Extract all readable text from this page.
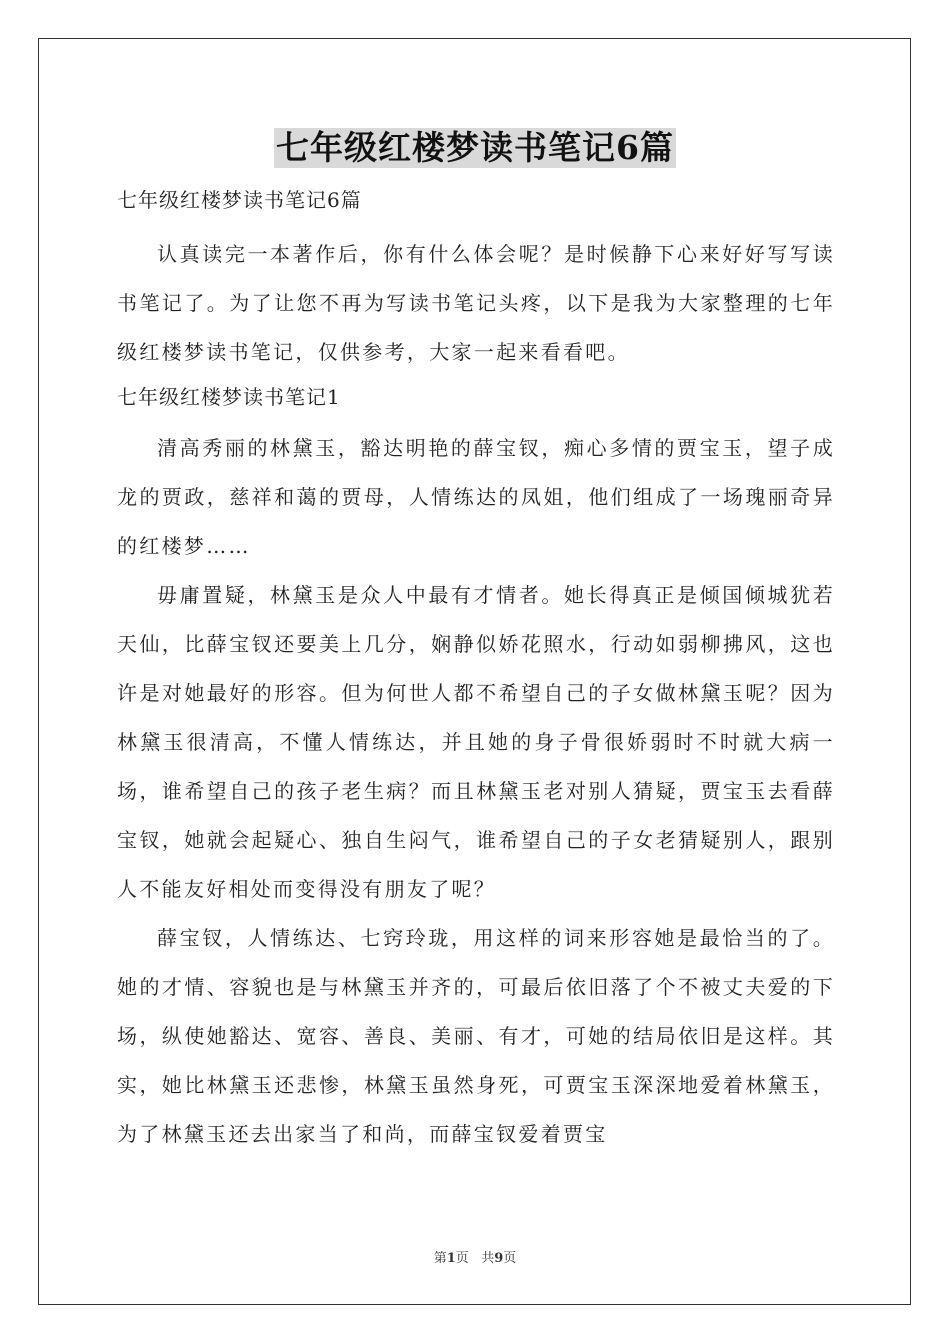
七年级红楼梦读书笔记6篇

七年级红楼梦读书笔记6篇

认真读完一本著作后，你有什么体会呢？是时候静下心来好好写写读书笔记了。为了让您不再为写读书笔记头疼，以下是我为大家整理的七年级红楼梦读书笔记，仅供参考，大家一起来看看吧。

七年级红楼梦读书笔记1

清高秀丽的林黛玉，豁达明艳的薛宝钗，痴心多情的贾宝玉，望子成龙的贾政，慈祥和蔼的贾母，人情练达的凤姐，他们组成了一场瑰丽奇异的红楼梦……

毋庸置疑，林黛玉是众人中最有才情者。她长得真正是倾国倾城犹若天仙，比薛宝钗还要美上几分，娴静似娇花照水，行动如弱柳拂风，这也许是对她最好的形容。但为何世人都不希望自己的子女做林黛玉呢？因为林黛玉很清高，不懂人情练达，并且她的身子骨很娇弱时不时就大病一场，谁希望自己的孩子老生病？而且林黛玉老对别人猜疑，贾宝玉去看薛宝钗，她就会起疑心、独自生闷气，谁希望自己的子女老猜疑别人，跟别人不能友好相处而变得没有朋友了呢？

薛宝钗，人情练达、七窍玲珑，用这样的词来形容她是最恰当的了。她的才情、容貌也是与林黛玉并齐的，可最后依旧落了个不被丈夫爱的下场，纵使她豁达、宽容、善良、美丽、有才，可她的结局依旧是这样。其实，她比林黛玉还悲惨，林黛玉虽然身死，可贾宝玉深深地爱着林黛玉，为了林黛玉还去出家当了和尚，而薛宝钗爱着贾宝

第1页 共9页
